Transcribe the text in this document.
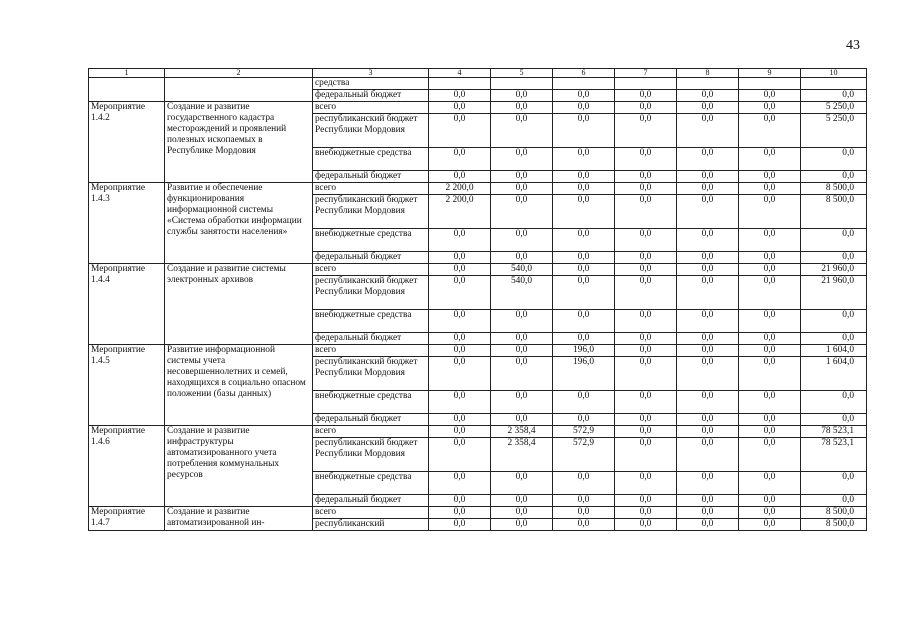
43
1	2	3	4	5	6	7	8	9	10
		средства							
		федеральный бюджет	0,0	0,0	0,0	0,0	0,0	0,0	0,0
Мероприятие 1.4.2	Создание и развитие государственного кадастра месторождений и проявлений полезных ископаемых в Республике Мордовия	всего	0,0	0,0	0,0	0,0	0,0	0,0	5 250,0
		республиканский бюджет Республики Мордовия	0,0	0,0	0,0	0,0	0,0	0,0	5 250,0
		внебюджетные средства	0,0	0,0	0,0	0,0	0,0	0,0	0,0
		федеральный бюджет	0,0	0,0	0,0	0,0	0,0	0,0	0,0
Мероприятие 1.4.3	Развитие и обеспечение функционирования информационной системы «Система обработки информации службы занятости населения»	всего	2 200,0	0,0	0,0	0,0	0,0	0,0	8 500,0
		республиканский бюджет Республики Мордовия	2 200,0	0,0	0,0	0,0	0,0	0,0	8 500,0
		внебюджетные средства	0,0	0,0	0,0	0,0	0,0	0,0	0,0
		федеральный бюджет	0,0	0,0	0,0	0,0	0,0	0,0	0,0
Мероприятие 1.4.4	Создание и развитие системы электронных архивов	всего	0,0	540,0	0,0	0,0	0,0	0,0	21 960,0
		республиканский бюджет Республики Мордовия	0,0	540,0	0,0	0,0	0,0	0,0	21 960,0
		внебюджетные средства	0,0	0,0	0,0	0,0	0,0	0,0	0,0
		федеральный бюджет	0,0	0,0	0,0	0,0	0,0	0,0	0,0
Мероприятие 1.4.5	Развитие информационной системы учета несовершеннолетних и семей, находящихся в социально опасном положении (базы данных)	всего	0,0	0,0	196,0	0,0	0,0	0,0	1 604,0
		республиканский бюджет Республики Мордовия	0,0	0,0	196,0	0,0	0,0	0,0	1 604,0
		внебюджетные средства	0,0	0,0	0,0	0,0	0,0	0,0	0,0
		федеральный бюджет	0,0	0,0	0,0	0,0	0,0	0,0	0,0
Мероприятие 1.4.6	Создание и развитие инфраструктуры автоматизированного учета потребления коммунальных ресурсов	всего	0,0	2 358,4	572,9	0,0	0,0	0,0	78 523,1
		республиканский бюджет Республики Мордовия	0,0	2 358,4	572,9	0,0	0,0	0,0	78 523,1
		внебюджетные средства	0,0	0,0	0,0	0,0	0,0	0,0	0,0
		федеральный бюджет	0,0	0,0	0,0	0,0	0,0	0,0	0,0
Мероприятие 1.4.7	Создание и развитие автоматизированной ин-	всего	0,0	0,0	0,0	0,0	0,0	0,0	8 500,0
		республиканский	0,0	0,0	0,0	0,0	0,0	0,0	8 500,0
